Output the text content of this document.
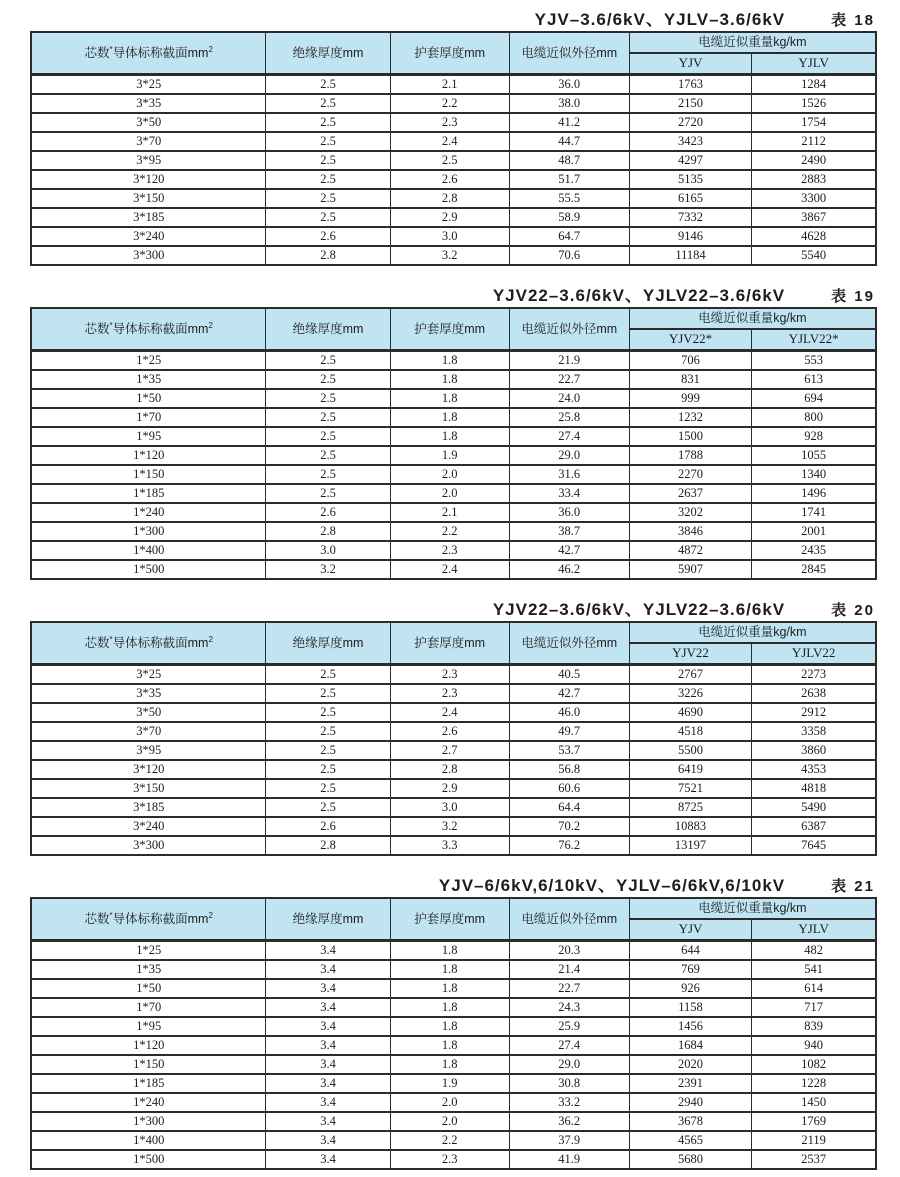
YJV–3.6/6kV、YJLV–3.6/6kV	表 18
芯数*导体标称截面$mm^2$	绝缘厚度mm	护套厚度mm	电缆近似外径mm	电缆近似重量kg/km	
				YJV	YJLV
3*25	2.5	2.1	36.0	1763	1284
3*35	2.5	2.2	38.0	2150	1526
3*50	2.5	2.3	41.2	2720	1754
3*70	2.5	2.4	44.7	3423	2112
3*95	2.5	2.5	48.7	4297	2490
3*120	2.5	2.6	51.7	5135	2883
3*150	2.5	2.8	55.5	6165	3300
3*185	2.5	2.9	58.9	7332	3867
3*240	2.6	3.0	64.7	9146	4628
3*300	2.8	3.2	70.6	11184	5540
YJV22–3.6/6kV、YJLV22–3.6/6kV	表 19
芯数*导体标称截面$mm^2$	绝缘厚度mm	护套厚度mm	电缆近似外径mm	电缆近似重量kg/km	
				YJV22*	YJLV22*
1*25	2.5	1.8	21.9	706	553
1*35	2.5	1.8	22.7	831	613
1*50	2.5	1.8	24.0	999	694
1*70	2.5	1.8	25.8	1232	800
1*95	2.5	1.8	27.4	1500	928
1*120	2.5	1.9	29.0	1788	1055
1*150	2.5	2.0	31.6	2270	1340
1*185	2.5	2.0	33.4	2637	1496
1*240	2.6	2.1	36.0	3202	1741
1*300	2.8	2.2	38.7	3846	2001
1*400	3.0	2.3	42.7	4872	2435
1*500	3.2	2.4	46.2	5907	2845
YJV22–3.6/6kV、YJLV22–3.6/6kV	表 20
芯数*导体标称截面$mm^2$	绝缘厚度mm	护套厚度mm	电缆近似外径mm	电缆近似重量kg/km	
				YJV22	YJLV22
3*25	2.5	2.3	40.5	2767	2273
3*35	2.5	2.3	42.7	3226	2638
3*50	2.5	2.4	46.0	4690	2912
3*70	2.5	2.6	49.7	4518	3358
3*95	2.5	2.7	53.7	5500	3860
3*120	2.5	2.8	56.8	6419	4353
3*150	2.5	2.9	60.6	7521	4818
3*185	2.5	3.0	64.4	8725	5490
3*240	2.6	3.2	70.2	10883	6387
3*300	2.8	3.3	76.2	13197	7645
YJV–6/6kV,6/10kV、YJLV–6/6kV,6/10kV	表 21
芯数*导体标称截面$mm^2$	绝缘厚度mm	护套厚度mm	电缆近似外径mm	电缆近似重量kg/km	
				YJV	YJLV
1*25	3.4	1.8	20.3	644	482
1*35	3.4	1.8	21.4	769	541
1*50	3.4	1.8	22.7	926	614
1*70	3.4	1.8	24.3	1158	717
1*95	3.4	1.8	25.9	1456	839
1*120	3.4	1.8	27.4	1684	940
1*150	3.4	1.8	29.0	2020	1082
1*185	3.4	1.9	30.8	2391	1228
1*240	3.4	2.0	33.2	2940	1450
1*300	3.4	2.0	36.2	3678	1769
1*400	3.4	2.2	37.9	4565	2119
1*500	3.4	2.3	41.9	5680	2537
